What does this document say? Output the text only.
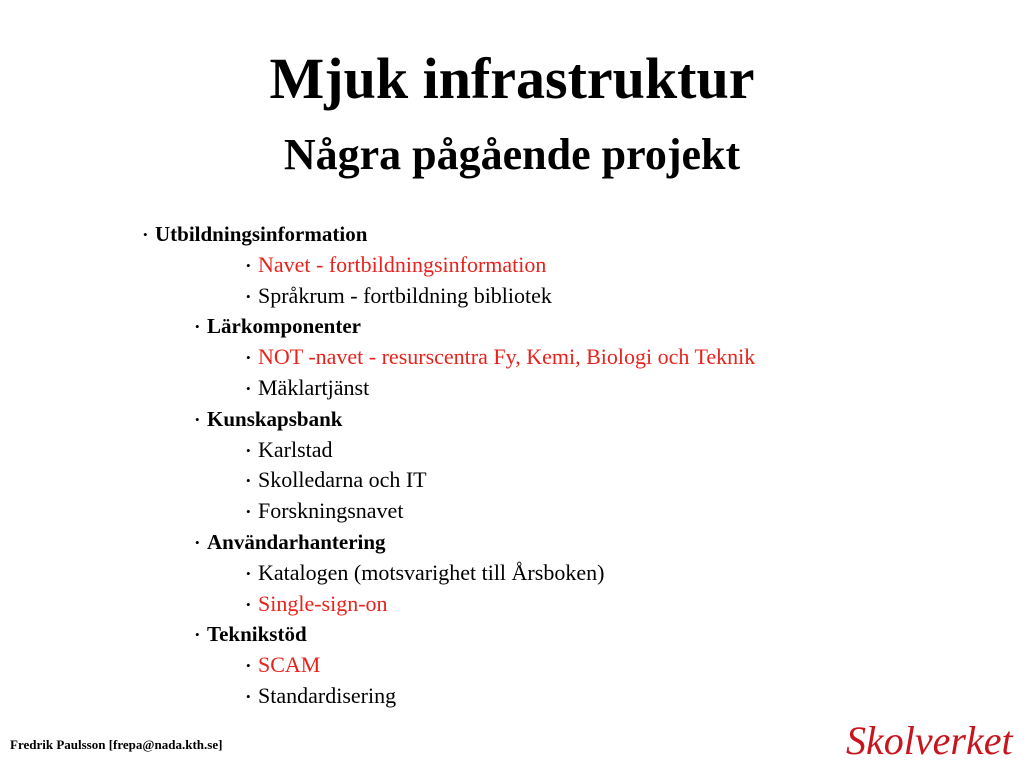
Mjuk infrastruktur
Några pågående projekt
• Utbildningsinformation
• Navet - fortbildningsinformation
• Språkrum - fortbildning bibliotek
• Lärkomponenter
• NOT -navet - resurscentra Fy, Kemi, Biologi och Teknik
• Mäklartjänst
• Kunskapsbank
• Karlstad
• Skolledarna och IT
• Forskningsnavet
• Användarhantering
• Katalogen (motsvarighet till Årsboken)
• Single-sign-on
• Teknikstöd
• SCAM
• Standardisering
Fredrik Paulsson [frepa@nada.kth.se]	Skolverket
